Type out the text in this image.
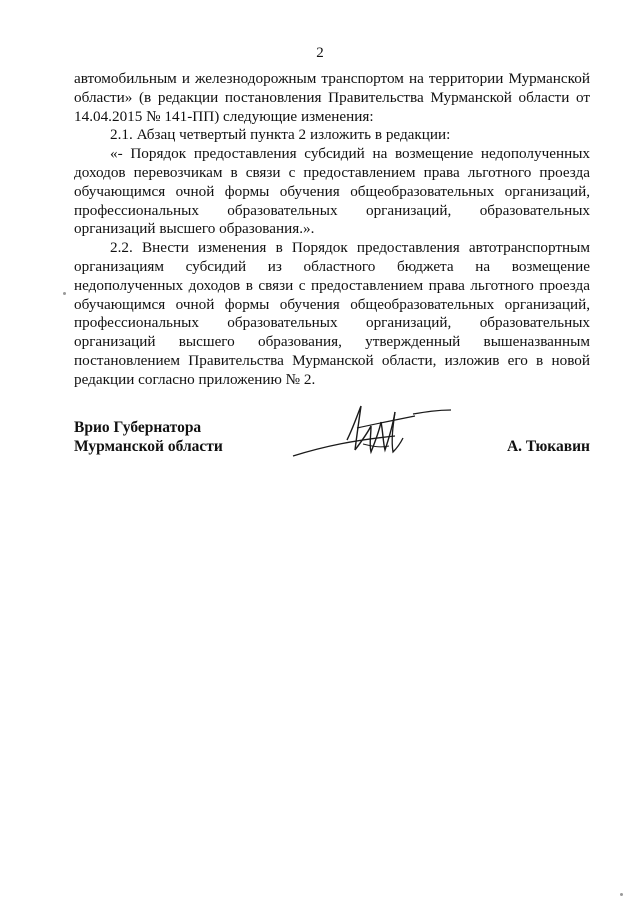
2

автомобильным и железнодорожным транспортом на территории Мурманской области» (в редакции постановления Правительства Мурманской области от 14.04.2015 № 141-ПП) следующие изменения:

2.1. Абзац четвертый пункта 2 изложить в редакции:

«- Порядок предоставления субсидий на возмещение недополученных доходов перевозчикам в связи с предоставлением права льготного проезда обучающимся очной формы обучения общеобразовательных организаций, профессиональных образовательных организаций, образовательных организаций высшего образования.».

2.2. Внести изменения в Порядок предоставления автотранспортным организациям субсидий из областного бюджета на возмещение недополученных доходов в связи с предоставлением права льготного проезда обучающимся очной формы обучения общеобразовательных организаций, профессиональных образовательных организаций, образовательных организаций высшего образования, утвержденный вышеназванным постановлением Правительства Мурманской области, изложив его в новой редакции согласно приложению № 2.

Врио Губернатора
Мурманской области	А. Тюкавин
